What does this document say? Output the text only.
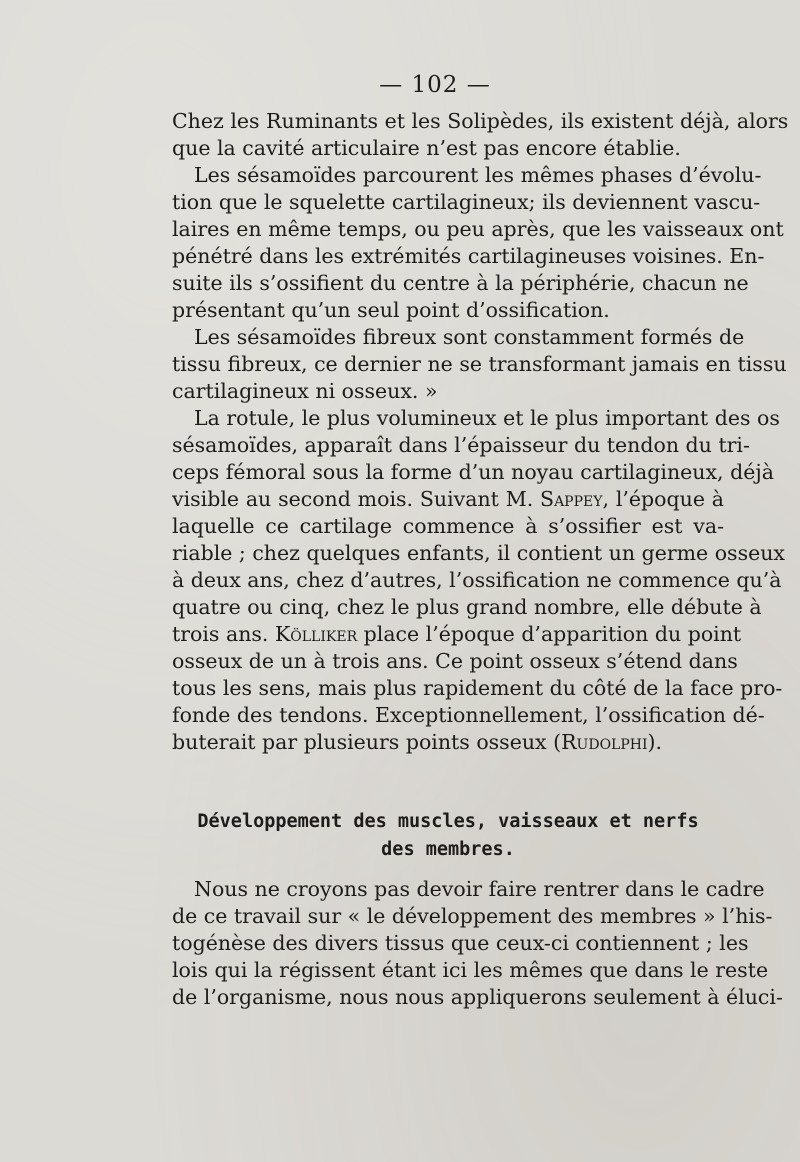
— 102 —
Chez les Ruminants et les Solipèdes, ils existent déjà, alors
que la cavité articulaire n’est pas encore établie.
Les sésamoïdes parcourent les mêmes phases d’évolu-
tion que le squelette cartilagineux; ils deviennent vascu-
laires en même temps, ou peu après, que les vaisseaux ont
pénétré dans les extrémités cartilagineuses voisines. En-
suite ils s’ossifient du centre à la périphérie, chacun ne
présentant qu’un seul point d’ossification.
Les sésamoïdes fibreux sont constamment formés de
tissu fibreux, ce dernier ne se transformant jamais en tissu
cartilagineux ni osseux. »
La rotule, le plus volumineux et le plus important des os
sésamoïdes, apparaît dans l’épaisseur du tendon du tri-
ceps fémoral sous la forme d’un noyau cartilagineux, déjà
visible au second mois. Suivant M. Sappey, l’époque à
laquelle ce cartilage commence à s’ossifier est va-
riable ; chez quelques enfants, il contient un germe osseux
à deux ans, chez d’autres, l’ossification ne commence qu’à
quatre ou cinq, chez le plus grand nombre, elle débute à
trois ans. Kölliker place l’époque d’apparition du point
osseux de un à trois ans. Ce point osseux s’étend dans
tous les sens, mais plus rapidement du côté de la face pro-
fonde des tendons. Exceptionnellement, l’ossification dé-
buterait par plusieurs points osseux (Rudolphi).
Développement des muscles, vaisseaux et nerfs
des membres.
Nous ne croyons pas devoir faire rentrer dans le cadre
de ce travail sur « le développement des membres » l’his-
togénèse des divers tissus que ceux-ci contiennent ; les
lois qui la régissent étant ici les mêmes que dans le reste
de l’organisme, nous nous appliquerons seulement à éluci-
